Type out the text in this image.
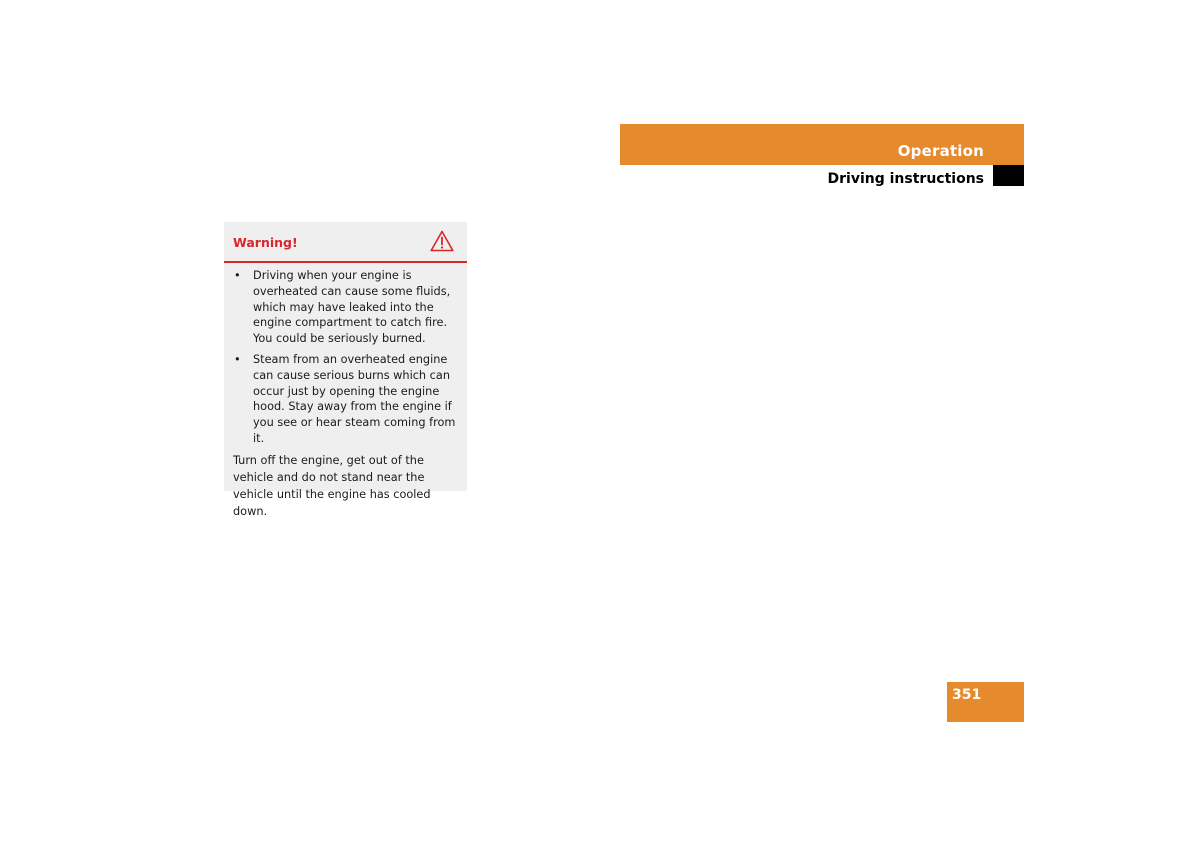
Operation
Driving instructions
Warning!
• Driving when your engine is overheated can cause some fluids, which may have leaked into the engine compartment to catch fire. You could be seriously burned.
• Steam from an overheated engine can cause serious burns which can occur just by opening the engine hood. Stay away from the engine if you see or hear steam coming from it.

Turn off the engine, get out of the vehicle and do not stand near the vehicle until the engine has cooled down.

351
